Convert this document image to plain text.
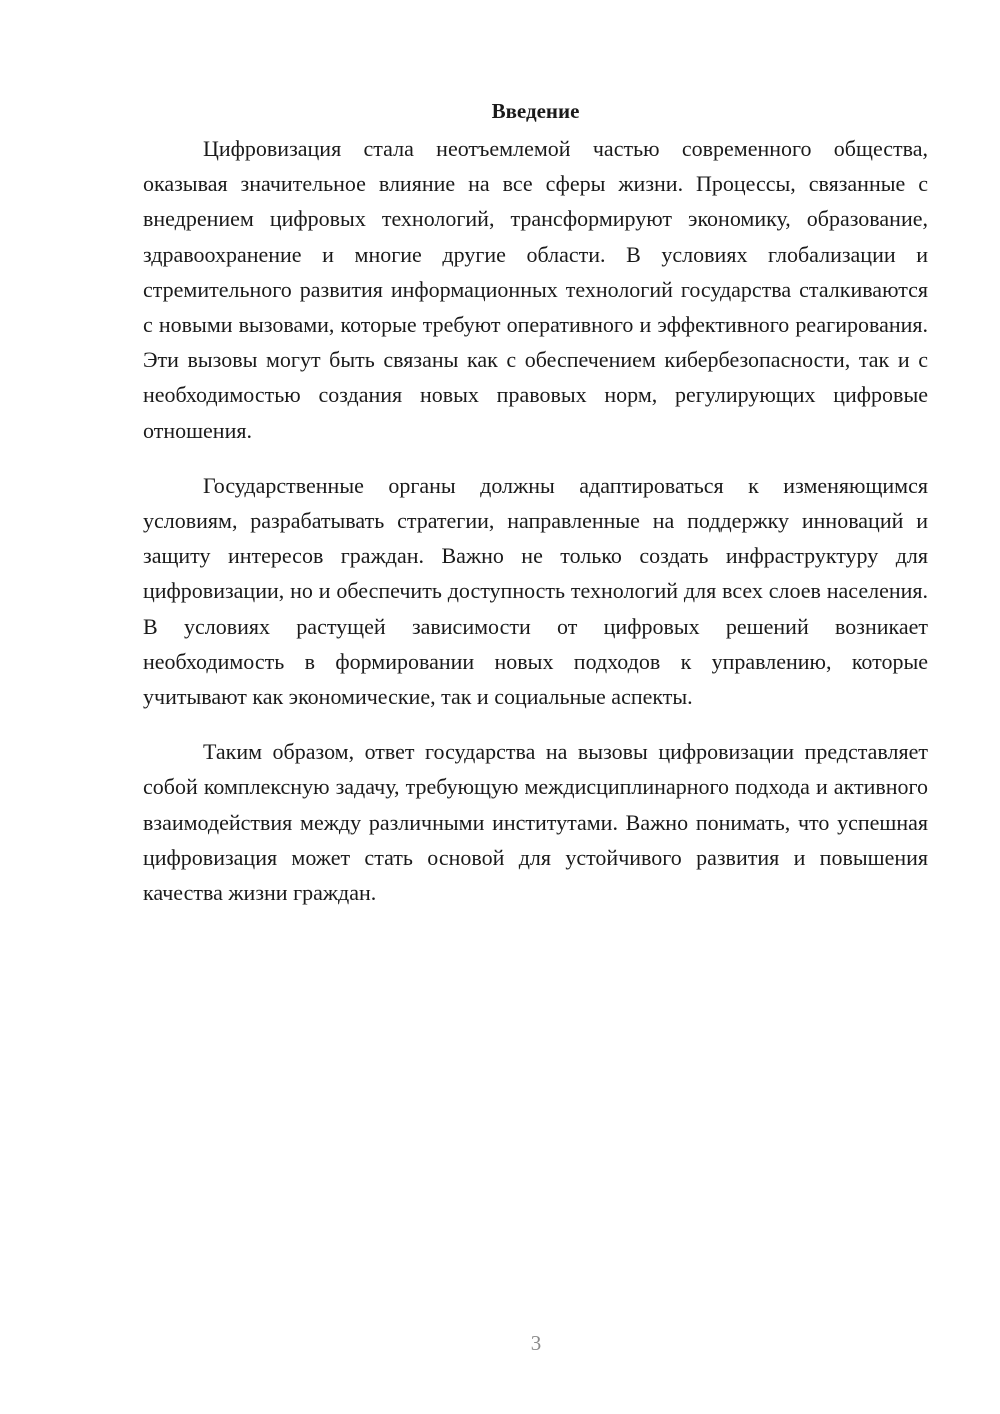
Введение

Цифровизация стала неотъемлемой частью современного общества, оказывая значительное влияние на все сферы жизни. Процессы, связанные с внедрением цифровых технологий, трансформируют экономику, образование, здравоохранение и многие другие области. В условиях глобализации и стремительного развития информационных технологий государства сталкиваются с новыми вызовами, которые требуют оперативного и эффективного реагирования. Эти вызовы могут быть связаны как с обеспечением кибербезопасности, так и с необходимостью создания новых правовых норм, регулирующих цифровые отношения.

Государственные органы должны адаптироваться к изменяющимся условиям, разрабатывать стратегии, направленные на поддержку инноваций и защиту интересов граждан. Важно не только создать инфраструктуру для цифровизации, но и обеспечить доступность технологий для всех слоев населения. В условиях растущей зависимости от цифровых решений возникает необходимость в формировании новых подходов к управлению, которые учитывают как экономические, так и социальные аспекты.

Таким образом, ответ государства на вызовы цифровизации представляет собой комплексную задачу, требующую междисциплинарного подхода и активного взаимодействия между различными институтами. Важно понимать, что успешная цифровизация может стать основой для устойчивого развития и повышения качества жизни граждан.

3
